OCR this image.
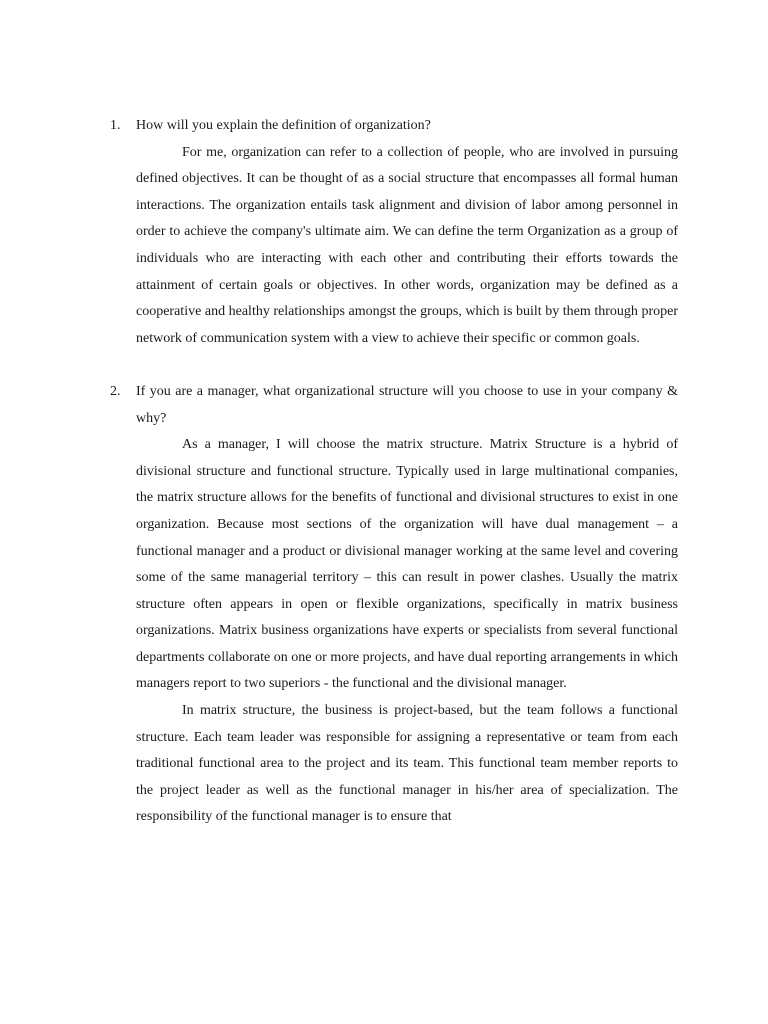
1. How will you explain the definition of organization?

For me, organization can refer to a collection of people, who are involved in pursuing defined objectives. It can be thought of as a social structure that encompasses all formal human interactions. The organization entails task alignment and division of labor among personnel in order to achieve the company's ultimate aim. We can define the term Organization as a group of individuals who are interacting with each other and contributing their efforts towards the attainment of certain goals or objectives. In other words, organization may be defined as a cooperative and healthy relationships amongst the groups, which is built by them through proper network of communication system with a view to achieve their specific or common goals.

2. If you are a manager, what organizational structure will you choose to use in your company & why?

As a manager, I will choose the matrix structure. Matrix Structure is a hybrid of divisional structure and functional structure. Typically used in large multinational companies, the matrix structure allows for the benefits of functional and divisional structures to exist in one organization. Because most sections of the organization will have dual management – a functional manager and a product or divisional manager working at the same level and covering some of the same managerial territory – this can result in power clashes. Usually the matrix structure often appears in open or flexible organizations, specifically in matrix business organizations. Matrix business organizations have experts or specialists from several functional departments collaborate on one or more projects, and have dual reporting arrangements in which managers report to two superiors - the functional and the divisional manager.

In matrix structure, the business is project-based, but the team follows a functional structure. Each team leader was responsible for assigning a representative or team from each traditional functional area to the project and its team. This functional team member reports to the project leader as well as the functional manager in his/her area of specialization. The responsibility of the functional manager is to ensure that
